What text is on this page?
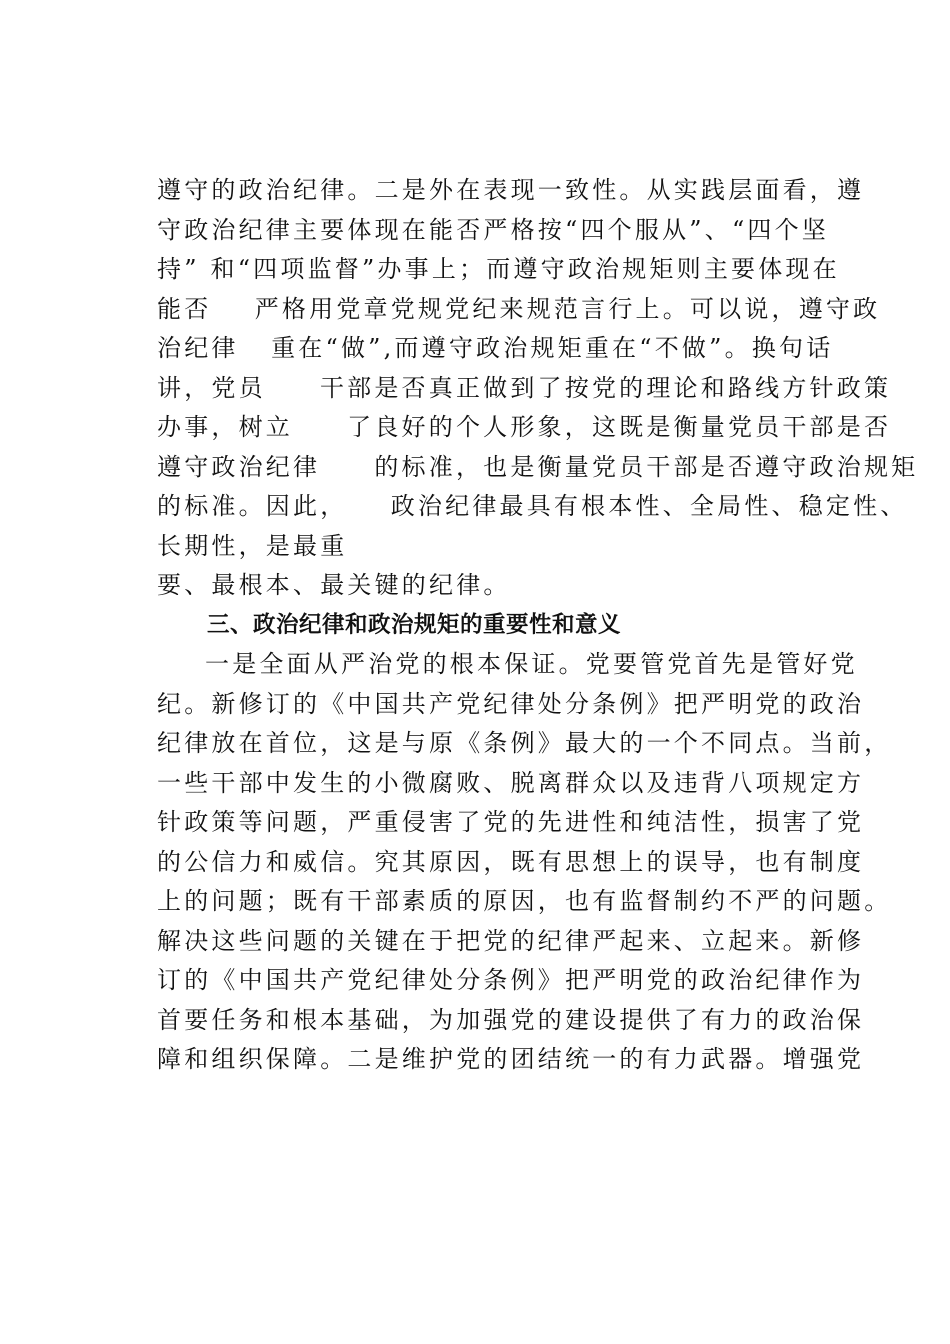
遵守的政治纪律。二是外在表现一致性。从实践层面看，遵
守政治纪律主要体现在能否严格按“四个服从”、“四个坚
持” 和“四项监督”办事上；而遵守政治规矩则主要体现在
能否    严格用党章党规党纪来规范言行上。可以说，遵守政
治纪律   重在“做”,而遵守政治规矩重在“不做”。换句话
讲，党员     干部是否真正做到了按党的理论和路线方针政策
办事，树立     了良好的个人形象，这既是衡量党员干部是否
遵守政治纪律     的标准，也是衡量党员干部是否遵守政治规矩
的标准。因此，    政治纪律最具有根本性、全局性、稳定性、
长期性，是最重
要、最根本、最关键的纪律。
三、政治纪律和政治规矩的重要性和意义
一是全面从严治党的根本保证。党要管党首先是管好党
纪。新修订的《中国共产党纪律处分条例》把严明党的政治
纪律放在首位，这是与原《条例》最大的一个不同点。当前，
一些干部中发生的小微腐败、脱离群众以及违背八项规定方
针政策等问题，严重侵害了党的先进性和纯洁性，损害了党
的公信力和威信。究其原因，既有思想上的误导，也有制度
上的问题；既有干部素质的原因，也有监督制约不严的问题。
解决这些问题的关键在于把党的纪律严起来、立起来。新修
订的《中国共产党纪律处分条例》把严明党的政治纪律作为
首要任务和根本基础，为加强党的建设提供了有力的政治保
障和组织保障。二是维护党的团结统一的有力武器。增强党
